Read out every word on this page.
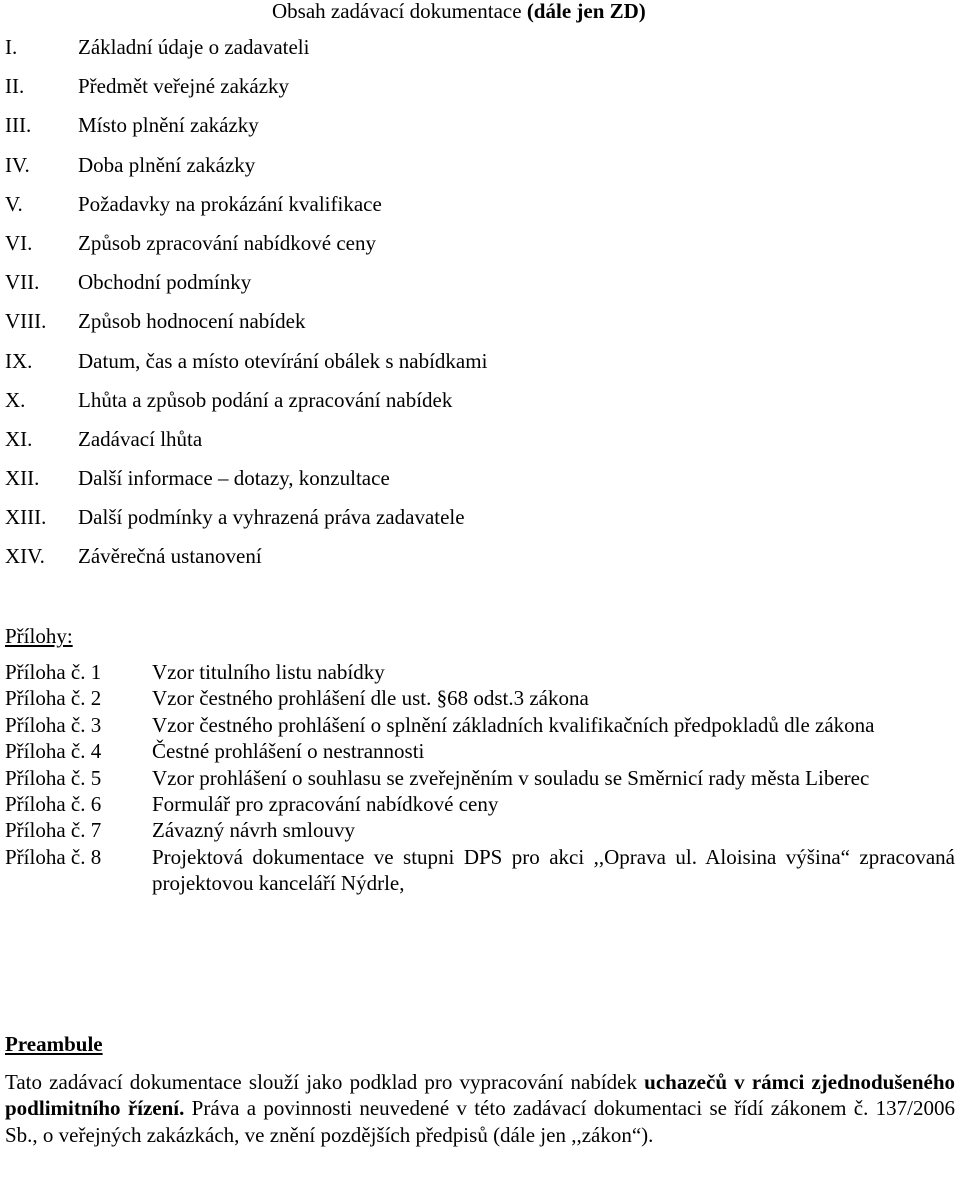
Obsah zadávací dokumentace (dále jen ZD)
I.	Základní údaje o zadavateli
II.	Předmět veřejné zakázky
III. Místo plnění zakázky
IV. Doba plnění zakázky
V.	Požadavky na prokázání kvalifikace
VI. Způsob zpracování nabídkové ceny
VII. Obchodní podmínky
VIII. Způsob hodnocení nabídek
IX. Datum, čas a místo otevírání obálek s nabídkami
X.	Lhůta a způsob podání a zpracování nabídek
XI. Zadávací lhůta
XII. Další informace – dotazy, konzultace
XIII. Další podmínky a vyhrazená práva zadavatele
XIV. Závěrečná ustanovení
Přílohy:
Příloha č. 1	Vzor titulního listu nabídky
Příloha č. 2	Vzor čestného prohlášení dle ust. §68 odst.3 zákona
Příloha č. 3	Vzor čestného prohlášení o splnění základních kvalifikačních předpokladů dle zákona
Příloha č. 4	Čestné prohlášení o nestrannosti
Příloha č. 5	Vzor prohlášení o souhlasu se zveřejněním v souladu se Směrnicí rady města Liberec
Příloha č. 6	Formulář pro zpracování nabídkové ceny
Příloha č. 7	Závazný návrh smlouvy
Příloha č. 8	Projektová dokumentace ve stupni DPS pro akci ,,Oprava ul. Aloisina výšina“ zpracovaná projektovou kanceláří Nýdrle,
Preambule

Tato zadávací dokumentace slouží jako podklad pro vypracování nabídek uchazečů v rámci zjednodušeného podlimitního řízení. Práva a povinnosti neuvedené v této zadávací dokumentaci se řídí zákonem č. 137/2006 Sb., o veřejných zakázkách, ve znění pozdějších předpisů (dále jen ,,zákon“).
